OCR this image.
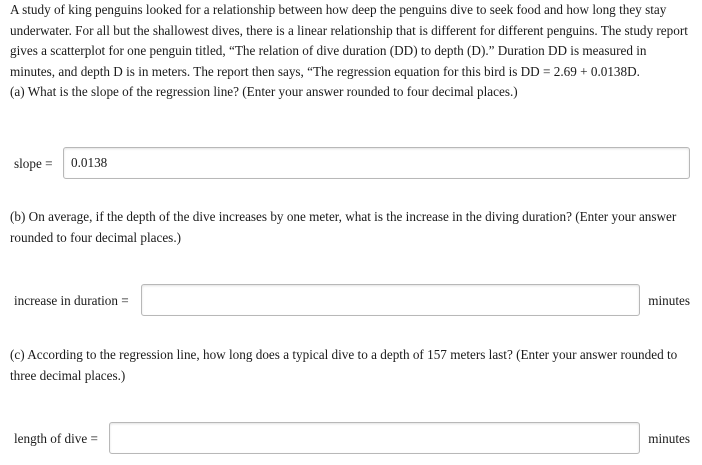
A study of king penguins looked for a relationship between how deep the penguins dive to seek food and how long they stay underwater. For all but the shallowest dives, there is a linear relationship that is different for different penguins. The study report gives a scatterplot for one penguin titled, “The relation of dive duration (DD) to depth (D).” Duration DD is measured in minutes, and depth D is in meters. The report then says, “The regression equation for this bird is DD = 2.69 + 0.0138D.

(a) What is the slope of the regression line? (Enter your answer rounded to four decimal places.)

slope =
0.0138

(b) On average, if the depth of the dive increases by one meter, what is the increase in the diving duration? (Enter your answer rounded to four decimal places.)

increase in duration =	minutes

(c) According to the regression line, how long does a typical dive to a depth of 157 meters last? (Enter your answer rounded to three decimal places.)

length of dive =	minutes
